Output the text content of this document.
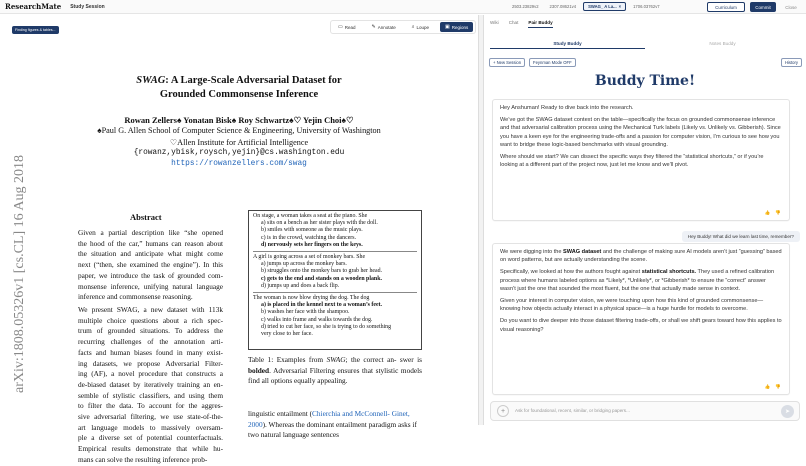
ResearchMate Study Session	2503.23829v2	2307.08621v4	SWAG_ A La... ×	1706.03762v7	Curriculum	Commit	Close
Finding figures & tables...	▭ Read	✎ Annotate	⌕ Loupe	▣ Regions
SWAG: A Large-Scale Adversarial Dataset for
Grounded Commonsense Inference
Rowan Zellers♠ Yonatan Bisk♠ Roy Schwartz♠♡ Yejin Choi♠♡
♠Paul G. Allen School of Computer Science & Engineering, University of Washington
♡Allen Institute for Artificial Intelligence
{rowanz,ybisk,roysch,yejin}@cs.washington.edu
https://rowanzellers.com/swag
arXiv:1808.05326v1 [cs.CL] 16 Aug 2018	Abstract
Given a partial description like “she opened
the hood of the car,” humans can reason about
the situation and anticipate what might come
next (“then, she examined the engine”). In this
paper, we introduce the task of grounded com-
monsense inference, unifying natural language
inference and commonsense reasoning.
We present SWAG, a new dataset with 113k
multiple choice questions about a rich spec-
trum of grounded situations. To address the
recurring challenges of the annotation arti-
facts and human biases found in many exist-
ing datasets, we propose Adversarial Filter-
ing (AF), a novel procedure that constructs a
de-biased dataset by iteratively training an en-
semble of stylistic classifiers, and using them
to filter the data. To account for the aggres-
sive adversarial filtering, we use state-of-the-
art language models to massively oversam-
ple a diverse set of potential counterfactuals.
Empirical results demonstrate that while hu-
mans can solve the resulting inference prob-
On stage, a woman takes a seat at the piano. She
a) sits on a bench as her sister plays with the doll.
b) smiles with someone as the music plays.
c) is in the crowd, watching the dancers.
d) nervously sets her fingers on the keys.
A girl is going across a set of monkey bars. She
a) jumps up across the monkey bars.
b) struggles onto the monkey bars to grab her head.
c) gets to the end and stands on a wooden plank.
d) jumps up and does a back flip.
The woman is now blow drying the dog. The dog
a) is placed in the kennel next to a woman’s feet.
b) washes her face with the shampoo.
c) walks into frame and walks towards the dog.
d) tried to cut her face, so she is trying to do something
very close to her face.
Table 1: Examples from SWAG; the correct an- swer is bolded. Adversarial Filtering ensures that stylistic models find all options equally appealing.
linguistic entailment (Chierchia and McConnell- Ginet, 2000). Whereas the dominant entailment paradigm asks if two natural language sentences
Wiki Chat Pair Buddy
Study Buddy	Notes Buddy
+ New Session	Feynman Mode OFF	History
Buddy Time!

Hey Anshuman! Ready to dive back into the research.

We’ve got the SWAG dataset context on the table—specifically the focus on grounded commonsense inference and that adversarial calibration process using the Mechanical Turk labels (Likely vs. Unlikely vs. Gibberish). Since you have a keen eye for the engineering trade-offs and a passion for computer vision, I’m curious to see how you want to bridge these logic-based benchmarks with visual grounding.

Where should we start? We can dissect the specific ways they filtered the “statistical shortcuts,” or if you’re looking at a different part of the project now, just let me know and we’ll pivot.

👍 👎
Hey Buddy! What did we learn last time, remember?

We were digging into the SWAG dataset and the challenge of making sure AI models aren’t just “guessing” based on word patterns, but are actually understanding the scene.

Specifically, we looked at how the authors fought against statistical shortcuts. They used a refined calibration process where humans labeled options as *Likely*, *Unlikely*, or *Gibberish* to ensure the “correct” answer wasn’t just the one that sounded the most fluent, but the one that actually made sense in context.

Given your interest in computer vision, we were touching upon how this kind of grounded commonsense—knowing how objects actually interact in a physical space—is a huge hurdle for models to overcome.

Do you want to dive deeper into those dataset filtering trade-offs, or shall we shift gears toward how this applies to visual reasoning?

👍 👎
+	Ask for foundational, recent, similar, or bridging papers...	➤
